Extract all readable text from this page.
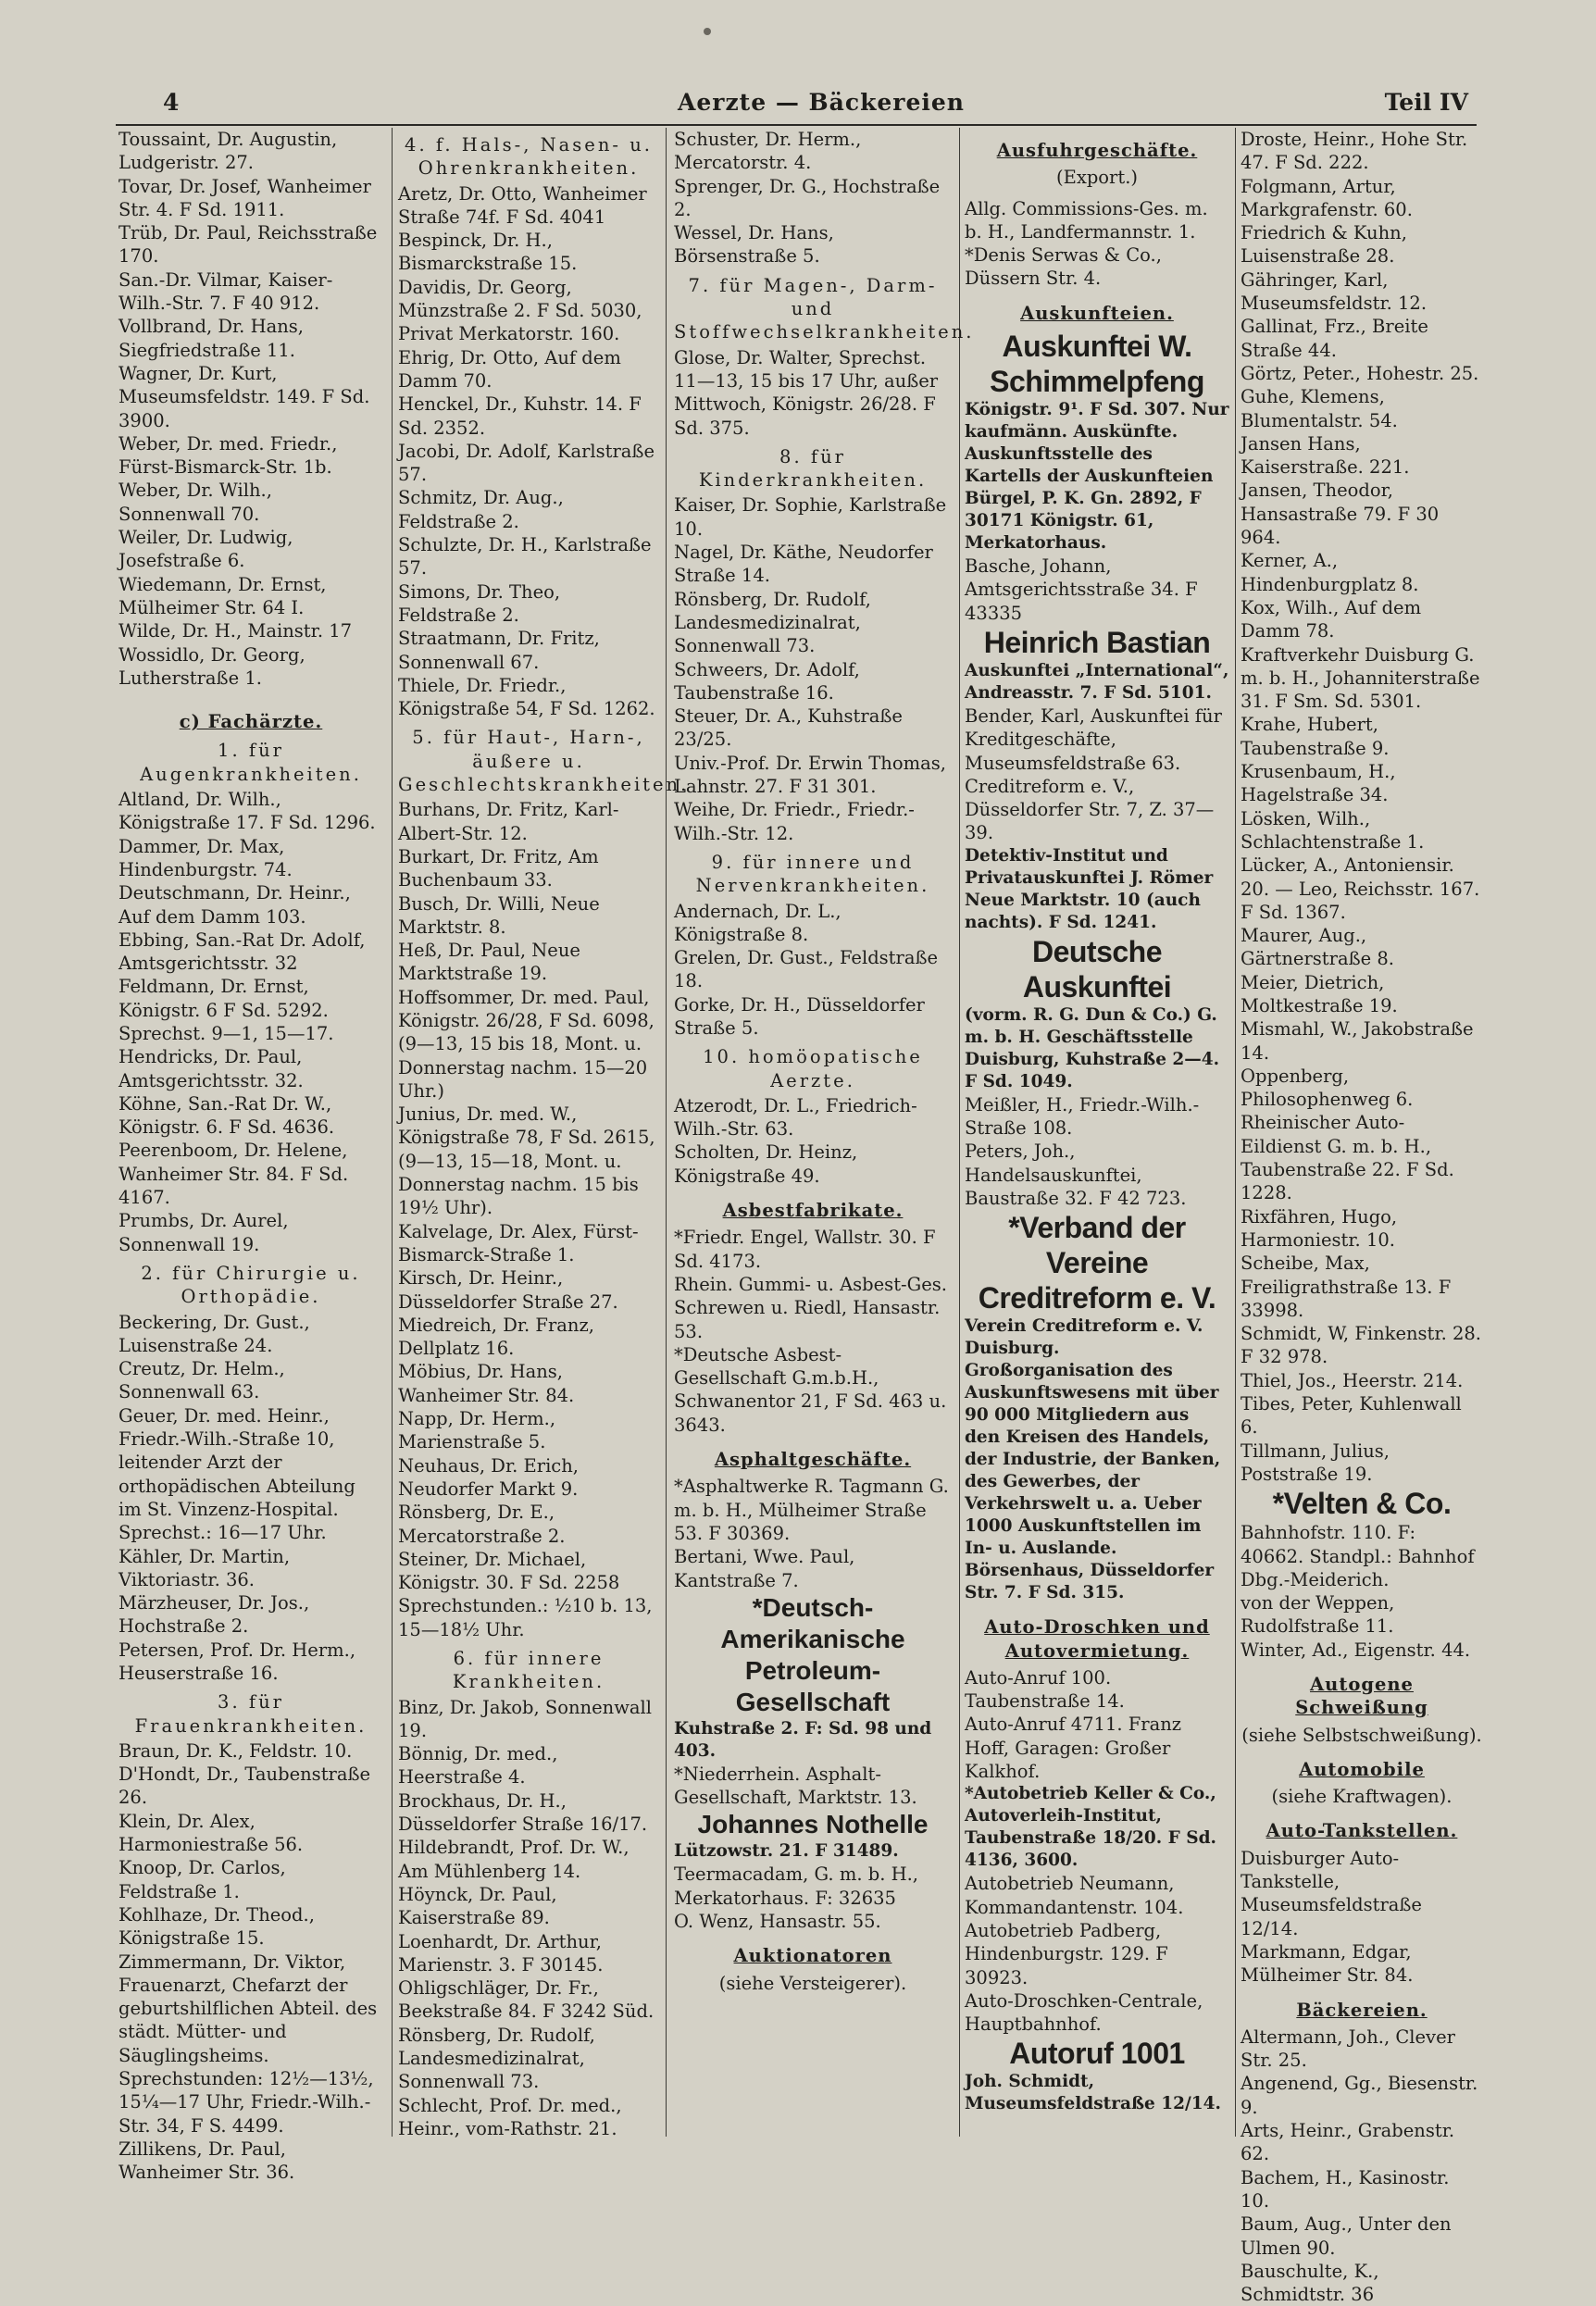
4	Aerzte — Bäckereien	Teil IV
Toussaint, Dr. Augustin, Ludgeristr. 27.
Tovar, Dr. Josef, Wanheimer Str. 4. F Sd. 1911.
Trüb, Dr. Paul, Reichsstraße 170.
San.-Dr. Vilmar, Kaiser-Wilh.-Str. 7. F 40 912.
Vollbrand, Dr. Hans, Siegfriedstraße 11.
Wagner, Dr. Kurt, Museumsfeldstr. 149. F Sd. 3900.
Weber, Dr. med. Friedr., Fürst-Bismarck-Str. 1b.
Weber, Dr. Wilh., Sonnenwall 70.
Weiler, Dr. Ludwig, Josefstraße 6.
Wiedemann, Dr. Ernst, Mülheimer Str. 64 I.
Wilde, Dr. H., Mainstr. 17
Wossidlo, Dr. Georg, Lutherstraße 1.
c) Fachärzte.
1. für Augenkrankheiten.
Altland, Dr. Wilh., Königstraße 17. F Sd. 1296.
Dammer, Dr. Max, Hindenburgstr. 74.
Deutschmann, Dr. Heinr., Auf dem Damm 103.
Ebbing, San.-Rat Dr. Adolf, Amtsgerichtsstr. 32
Feldmann, Dr. Ernst, Königstr. 6 F Sd. 5292. Sprechst. 9—1, 15—17.
Hendricks, Dr. Paul, Amtsgerichtsstr. 32.
Köhne, San.-Rat Dr. W., Königstr. 6. F Sd. 4636.
Peerenboom, Dr. Helene, Wanheimer Str. 84. F Sd. 4167.
Prumbs, Dr. Aurel, Sonnenwall 19.
2. für Chirurgie u. Orthopädie.
Beckering, Dr. Gust., Luisenstraße 24.
Creutz, Dr. Helm., Sonnenwall 63.
Geuer, Dr. med. Heinr., Friedr.-Wilh.-Straße 10, leitender Arzt der orthopädischen Abteilung im St. Vinzenz-Hospital. Sprechst.: 16—17 Uhr.
Kähler, Dr. Martin, Viktoriastr. 36.
Märzheuser, Dr. Jos., Hochstraße 2.
Petersen, Prof. Dr. Herm., Heuserstraße 16.
3. für Frauenkrankheiten.
Braun, Dr. K., Feldstr. 10.
D'Hondt, Dr., Taubenstraße 26.
Klein, Dr. Alex, Harmoniestraße 56.
Knoop, Dr. Carlos, Feldstraße 1.
Kohlhaze, Dr. Theod., Königstraße 15.
Zimmermann, Dr. Viktor, Frauenarzt, Chefarzt der geburtshilflichen Abteil. des städt. Mütter- und Säuglingsheims. Sprechstunden: 12½—13½, 15¼—17 Uhr, Friedr.-Wilh.-Str. 34, F S. 4499.
Zillikens, Dr. Paul, Wanheimer Str. 36.
4. f. Hals-, Nasen- u. Ohrenkrankheiten.
Aretz, Dr. Otto, Wanheimer Straße 74f. F Sd. 4041
Bespinck, Dr. H., Bismarckstraße 15.
Davidis, Dr. Georg, Münzstraße 2. F Sd. 5030, Privat Merkatorstr. 160.
Ehrig, Dr. Otto, Auf dem Damm 70.
Henckel, Dr., Kuhstr. 14. F Sd. 2352.
Jacobi, Dr. Adolf, Karlstraße 57.
Schmitz, Dr. Aug., Feldstraße 2.
Schulzte, Dr. H., Karlstraße 57.
Simons, Dr. Theo, Feldstraße 2.
Straatmann, Dr. Fritz, Sonnenwall 67.
Thiele, Dr. Friedr., Königstraße 54, F Sd. 1262.
5. für Haut-, Harn-, äußere u. Geschlechtskrankheiten.
Burhans, Dr. Fritz, Karl-Albert-Str. 12.
Burkart, Dr. Fritz, Am Buchenbaum 33.
Busch, Dr. Willi, Neue Marktstr. 8.
Heß, Dr. Paul, Neue Marktstraße 19.
Hoffsommer, Dr. med. Paul, Königstr. 26/28, F Sd. 6098, (9—13, 15 bis 18, Mont. u. Donnerstag nachm. 15—20 Uhr.)
Junius, Dr. med. W., Königstraße 78, F Sd. 2615, (9—13, 15—18, Mont. u. Donnerstag nachm. 15 bis 19½ Uhr).
Kalvelage, Dr. Alex, Fürst-Bismarck-Straße 1.
Kirsch, Dr. Heinr., Düsseldorfer Straße 27.
Miedreich, Dr. Franz, Dellplatz 16.
Möbius, Dr. Hans, Wanheimer Str. 84.
Napp, Dr. Herm., Marienstraße 5.
Neuhaus, Dr. Erich, Neudorfer Markt 9.
Rönsberg, Dr. E., Mercatorstraße 2.
Steiner, Dr. Michael, Königstr. 30. F Sd. 2258 Sprechstunden.: ½10 b. 13, 15—18½ Uhr.
6. für innere Krankheiten.
Binz, Dr. Jakob, Sonnenwall 19.
Bönnig, Dr. med., Heerstraße 4.
Brockhaus, Dr. H., Düsseldorfer Straße 16/17.
Hildebrandt, Prof. Dr. W., Am Mühlenberg 14.
Höynck, Dr. Paul, Kaiserstraße 89.
Loenhardt, Dr. Arthur, Marienstr. 3. F 30145.
Ohligschläger, Dr. Fr., Beekstraße 84. F 3242 Süd.
Rönsberg, Dr. Rudolf, Landesmedizinalrat, Sonnenwall 73.
Schlecht, Prof. Dr. med., Heinr., vom-Rathstr. 21.
Schuster, Dr. Herm., Mercatorstr. 4.
Sprenger, Dr. G., Hochstraße 2.
Wessel, Dr. Hans, Börsenstraße 5.
7. für Magen-, Darm- und Stoffwechselkrankheiten.
Glose, Dr. Walter, Sprechst. 11—13, 15 bis 17 Uhr, außer Mittwoch, Königstr. 26/28. F Sd. 375.
8. für Kinderkrankheiten.
Kaiser, Dr. Sophie, Karlstraße 10.
Nagel, Dr. Käthe, Neudorfer Straße 14.
Rönsberg, Dr. Rudolf, Landesmedizinalrat, Sonnenwall 73.
Schweers, Dr. Adolf, Taubenstraße 16.
Steuer, Dr. A., Kuhstraße 23/25.
Univ.-Prof. Dr. Erwin Thomas, Lahnstr. 27. F 31 301.
Weihe, Dr. Friedr., Friedr.-Wilh.-Str. 12.
9. für innere und Nervenkrankheiten.
Andernach, Dr. L., Königstraße 8.
Grelen, Dr. Gust., Feldstraße 18.
Gorke, Dr. H., Düsseldorfer Straße 5.
10. homöopatische Aerzte.
Atzerodt, Dr. L., Friedrich-Wilh.-Str. 63.
Scholten, Dr. Heinz, Königstraße 49.
Asbestfabrikate.
*Friedr. Engel, Wallstr. 30. F Sd. 4173.
Rhein. Gummi- u. Asbest-Ges. Schrewen u. Riedl, Hansastr. 53.
*Deutsche Asbest-Gesellschaft G.m.b.H., Schwanentor 21, F Sd. 463 u. 3643.
Asphaltgeschäfte.
*Asphaltwerke R. Tagmann G. m. b. H., Mülheimer Straße 53. F 30369.
Bertani, Wwe. Paul, Kantstraße 7.
*Deutsch-Amerikanische Petroleum-Gesellschaft
Kuhstraße 2. F: Sd. 98 und 403.
*Niederrhein. Asphalt-Gesellschaft, Marktstr. 13.
Johannes Nothelle
Lützowstr. 21. F 31489.
Teermacadam, G. m. b. H., Merkatorhaus. F: 32635
O. Wenz, Hansastr. 55.
Auktionatoren
(siehe Versteigerer).
Ausfuhrgeschäfte.
(Export.)
Allg. Commissions-Ges. m. b. H., Landfermannstr. 1.
*Denis Serwas & Co., Düssern Str. 4.
Auskunfteien.
Auskunftei W. Schimmelpfeng
Königstr. 9¹. F Sd. 307. Nur kaufmänn. Auskünfte.
Auskunftsstelle des Kartells der Auskunfteien Bürgel, P. K. Gn. 2892, F 30171 Königstr. 61, Merkatorhaus.
Basche, Johann, Amtsgerichtsstraße 34. F 43335
Heinrich Bastian
Auskunftei „International“, Andreasstr. 7. F Sd. 5101.
Bender, Karl, Auskunftei für Kreditgeschäfte, Museumsfeldstraße 63.
Creditreform e. V., Düsseldorfer Str. 7, Z. 37—39.
Detektiv-Institut und Privatauskunftei J. Römer
Neue Marktstr. 10 (auch nachts). F Sd. 1241.
Deutsche Auskunftei
(vorm. R. G. Dun & Co.) G. m. b. H. Geschäftsstelle Duisburg, Kuhstraße 2—4. F Sd. 1049.
Meißler, H., Friedr.-Wilh.-Straße 108.
Peters, Joh., Handelsauskunftei, Baustraße 32. F 42 723.
*Verband der Vereine Creditreform e. V.
Verein Creditreform e. V. Duisburg. Großorganisation des Auskunftswesens mit über 90 000 Mitgliedern aus den Kreisen des Handels, der Industrie, der Banken, des Gewerbes, der Verkehrswelt u. a. Ueber 1000 Auskunftstellen im In- u. Auslande. Börsenhaus, Düsseldorfer Str. 7. F Sd. 315.
Auto-Droschken und Autovermietung.
Auto-Anruf 100. Taubenstraße 14.
Auto-Anruf 4711. Franz Hoff, Garagen: Großer Kalkhof.
*Autobetrieb Keller & Co., Autoverleih-Institut, Taubenstraße 18/20. F Sd. 4136, 3600.
Autobetrieb Neumann, Kommandantenstr. 104.
Autobetrieb Padberg, Hindenburgstr. 129. F 30923.
Auto-Droschken-Centrale, Hauptbahnhof.
Autoruf 1001
Joh. Schmidt, Museumsfeldstraße 12/14.
Droste, Heinr., Hohe Str. 47. F Sd. 222.
Folgmann, Artur, Markgrafenstr. 60.
Friedrich & Kuhn, Luisenstraße 28.
Gähringer, Karl, Museumsfeldstr. 12.
Gallinat, Frz., Breite Straße 44.
Görtz, Peter., Hohestr. 25.
Guhe, Klemens, Blumentalstr. 54.
Jansen Hans, Kaiserstraße. 221.
Jansen, Theodor, Hansastraße 79. F 30 964.
Kerner, A., Hindenburgplatz 8.
Kox, Wilh., Auf dem Damm 78.
Kraftverkehr Duisburg G. m. b. H., Johanniterstraße 31. F Sm. Sd. 5301.
Krahe, Hubert, Taubenstraße 9.
Krusenbaum, H., Hagelstraße 34.
Lösken, Wilh., Schlachtenstraße 1.
Lücker, A., Antoniensir. 20. — Leo, Reichsstr. 167. F Sd. 1367.
Maurer, Aug., Gärtnerstraße 8.
Meier, Dietrich, Moltkestraße 19.
Mismahl, W., Jakobstraße 14.
Oppenberg, Philosophenweg 6.
Rheinischer Auto-Eildienst G. m. b. H., Taubenstraße 22. F Sd. 1228.
Rixfähren, Hugo, Harmoniestr. 10.
Scheibe, Max, Freiligrathstraße 13. F 33998.
Schmidt, W, Finkenstr. 28. F 32 978.
Thiel, Jos., Heerstr. 214.
Tibes, Peter, Kuhlenwall 6.
Tillmann, Julius, Poststraße 19.
*Velten & Co.
Bahnhofstr. 110. F: 40662. Standpl.: Bahnhof Dbg.-Meiderich.
von der Weppen, Rudolfstraße 11.
Winter, Ad., Eigenstr. 44.
Autogene Schweißung
(siehe Selbstschweißung).
Automobile
(siehe Kraftwagen).
Auto-Tankstellen.
Duisburger Auto-Tankstelle, Museumsfeldstraße 12/14.
Markmann, Edgar, Mülheimer Str. 84.
Bäckereien.
Altermann, Joh., Clever Str. 25.
Angenend, Gg., Biesenstr. 9.
Arts, Heinr., Grabenstr. 62.
Bachem, H., Kasinostr. 10.
Baum, Aug., Unter den Ulmen 90.
Bauschulte, K., Schmidtstr. 36
